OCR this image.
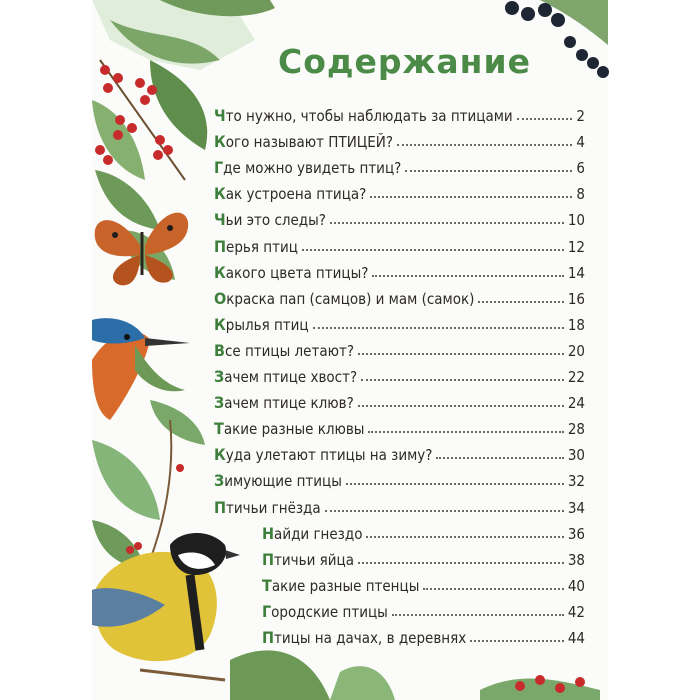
Содержание
Что нужно, чтобы наблюдать за птицами	2
Кого называют ПТИЦЕЙ?	4
Где можно увидеть птиц?	6
Как устроена птица?	8
Чьи это следы?	10
Перья птиц	12
Какого цвета птицы?	14
Окраска пап (самцов) и мам (самок)	16
Крылья птиц	18
Все птицы летают?	20
Зачем птице хвост?	22
Зачем птице клюв?	24
Такие разные клювы	28
Куда улетают птицы на зиму?	30
Зимующие птицы	32
Птичьи гнёзда	34
Найди гнездо	36
Птичьи яйца	38
Такие разные птенцы	40
Городские птицы	42
Птицы на дачах, в деревнях	44
